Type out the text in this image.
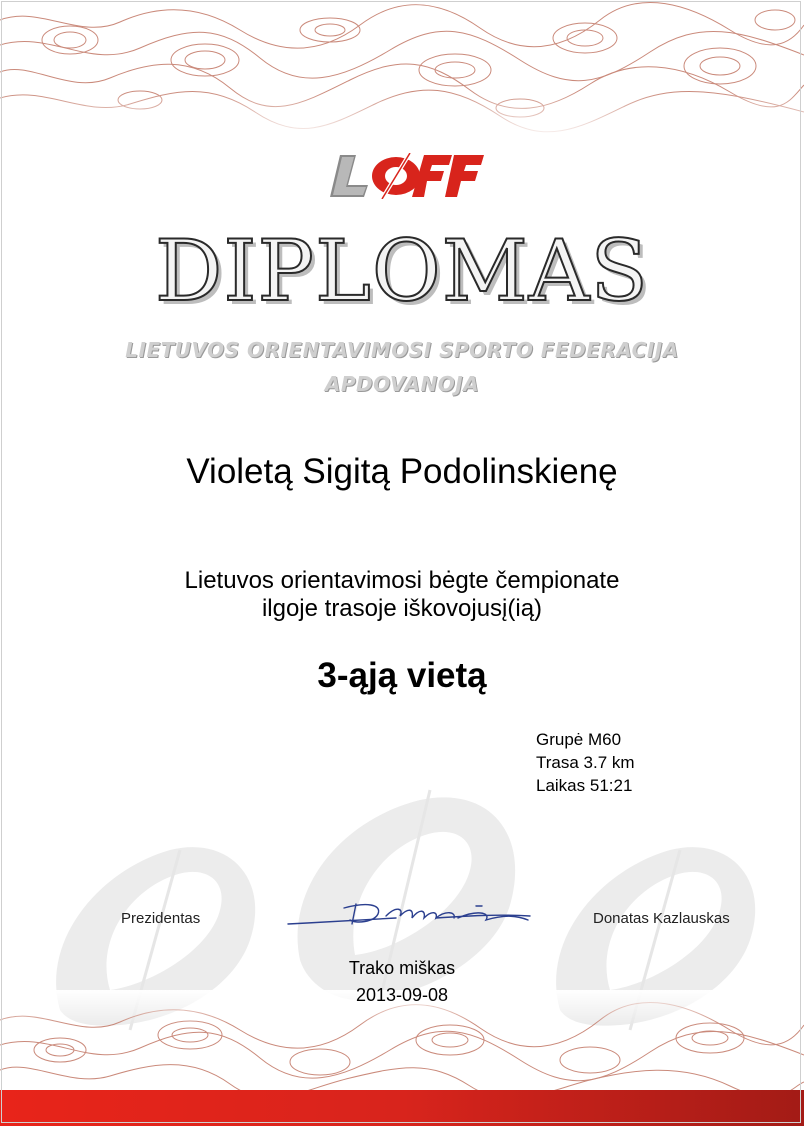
DIPLOMAS
LIETUVOS ORIENTAVIMOSI SPORTO FEDERACIJA
APDOVANOJA
Violetą Sigitą Podolinskienę
Lietuvos orientavimosi bėgte čempionate
ilgoje trasoje iškovojusį(ią)
3-ąją vietą
Grupė M60
Trasa 3.7 km
Laikas 51:21
Prezidentas	Donatas Kazlauskas
Trako miškas
2013-09-08
